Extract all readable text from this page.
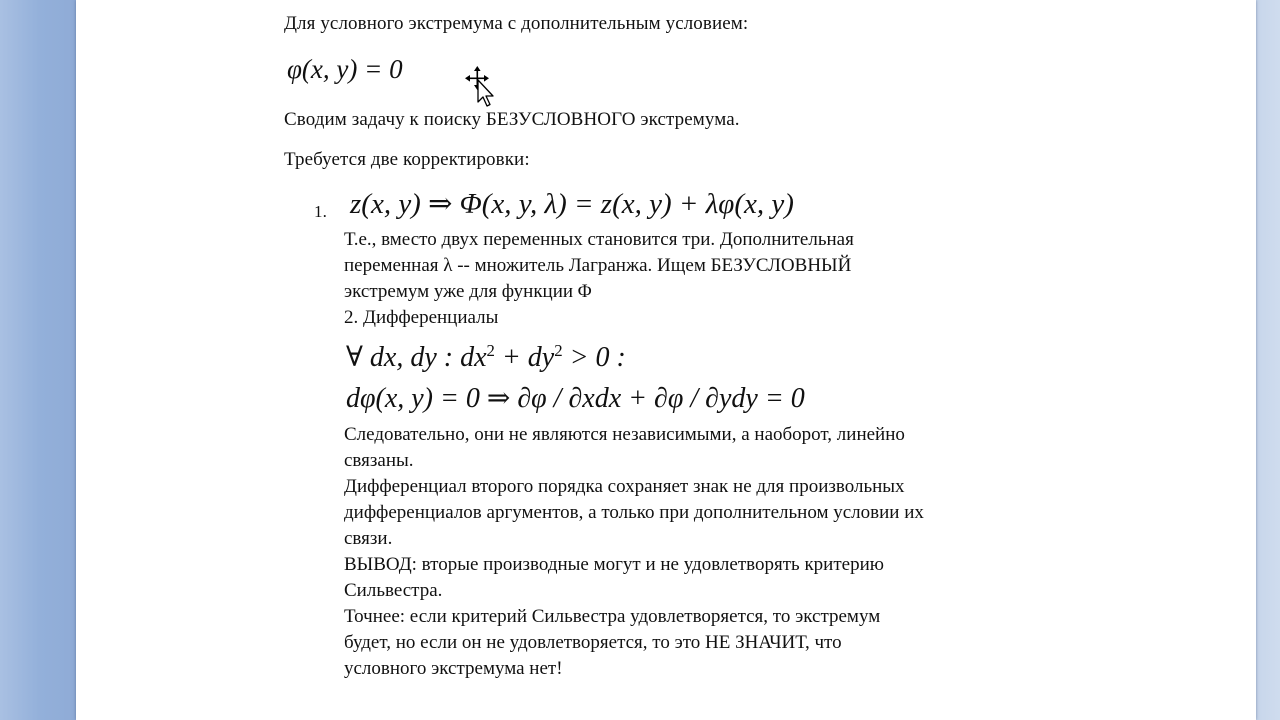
Для условного экстремума с дополнительным условием:
φ(x, y) = 0
Сводим задачу к поиску БЕЗУСЛОВНОГО экстремума.
Требуется две корректировки:
1. z(x, y) ⇒ Φ(x, y, λ) = z(x, y) + λφ(x, y)
Т.е., вместо двух переменных становится три. Дополнительная
переменная λ -- множитель Лагранжа. Ищем БЕЗУСЛОВНЫЙ
экстремум уже для функции Φ
2. Дифференциалы
∀ dx, dy : $dx^2 + dy^2 > 0$ :
dφ(x, y) = 0 ⇒ ∂φ / ∂xdx + ∂φ / ∂ydy = 0
Следовательно, они не являются независимыми, а наоборот, линейно
связаны.
Дифференциал второго порядка сохраняет знак не для произвольных
дифференциалов аргументов, а только при дополнительном условии их
связи.
ВЫВОД: вторые производные могут и не удовлетворять критерию
Сильвестра.
Точнее: если критерий Сильвестра удовлетворяется, то экстремум
будет, но если он не удовлетворяется, то это НЕ ЗНАЧИТ, что
условного экстремума нет!
